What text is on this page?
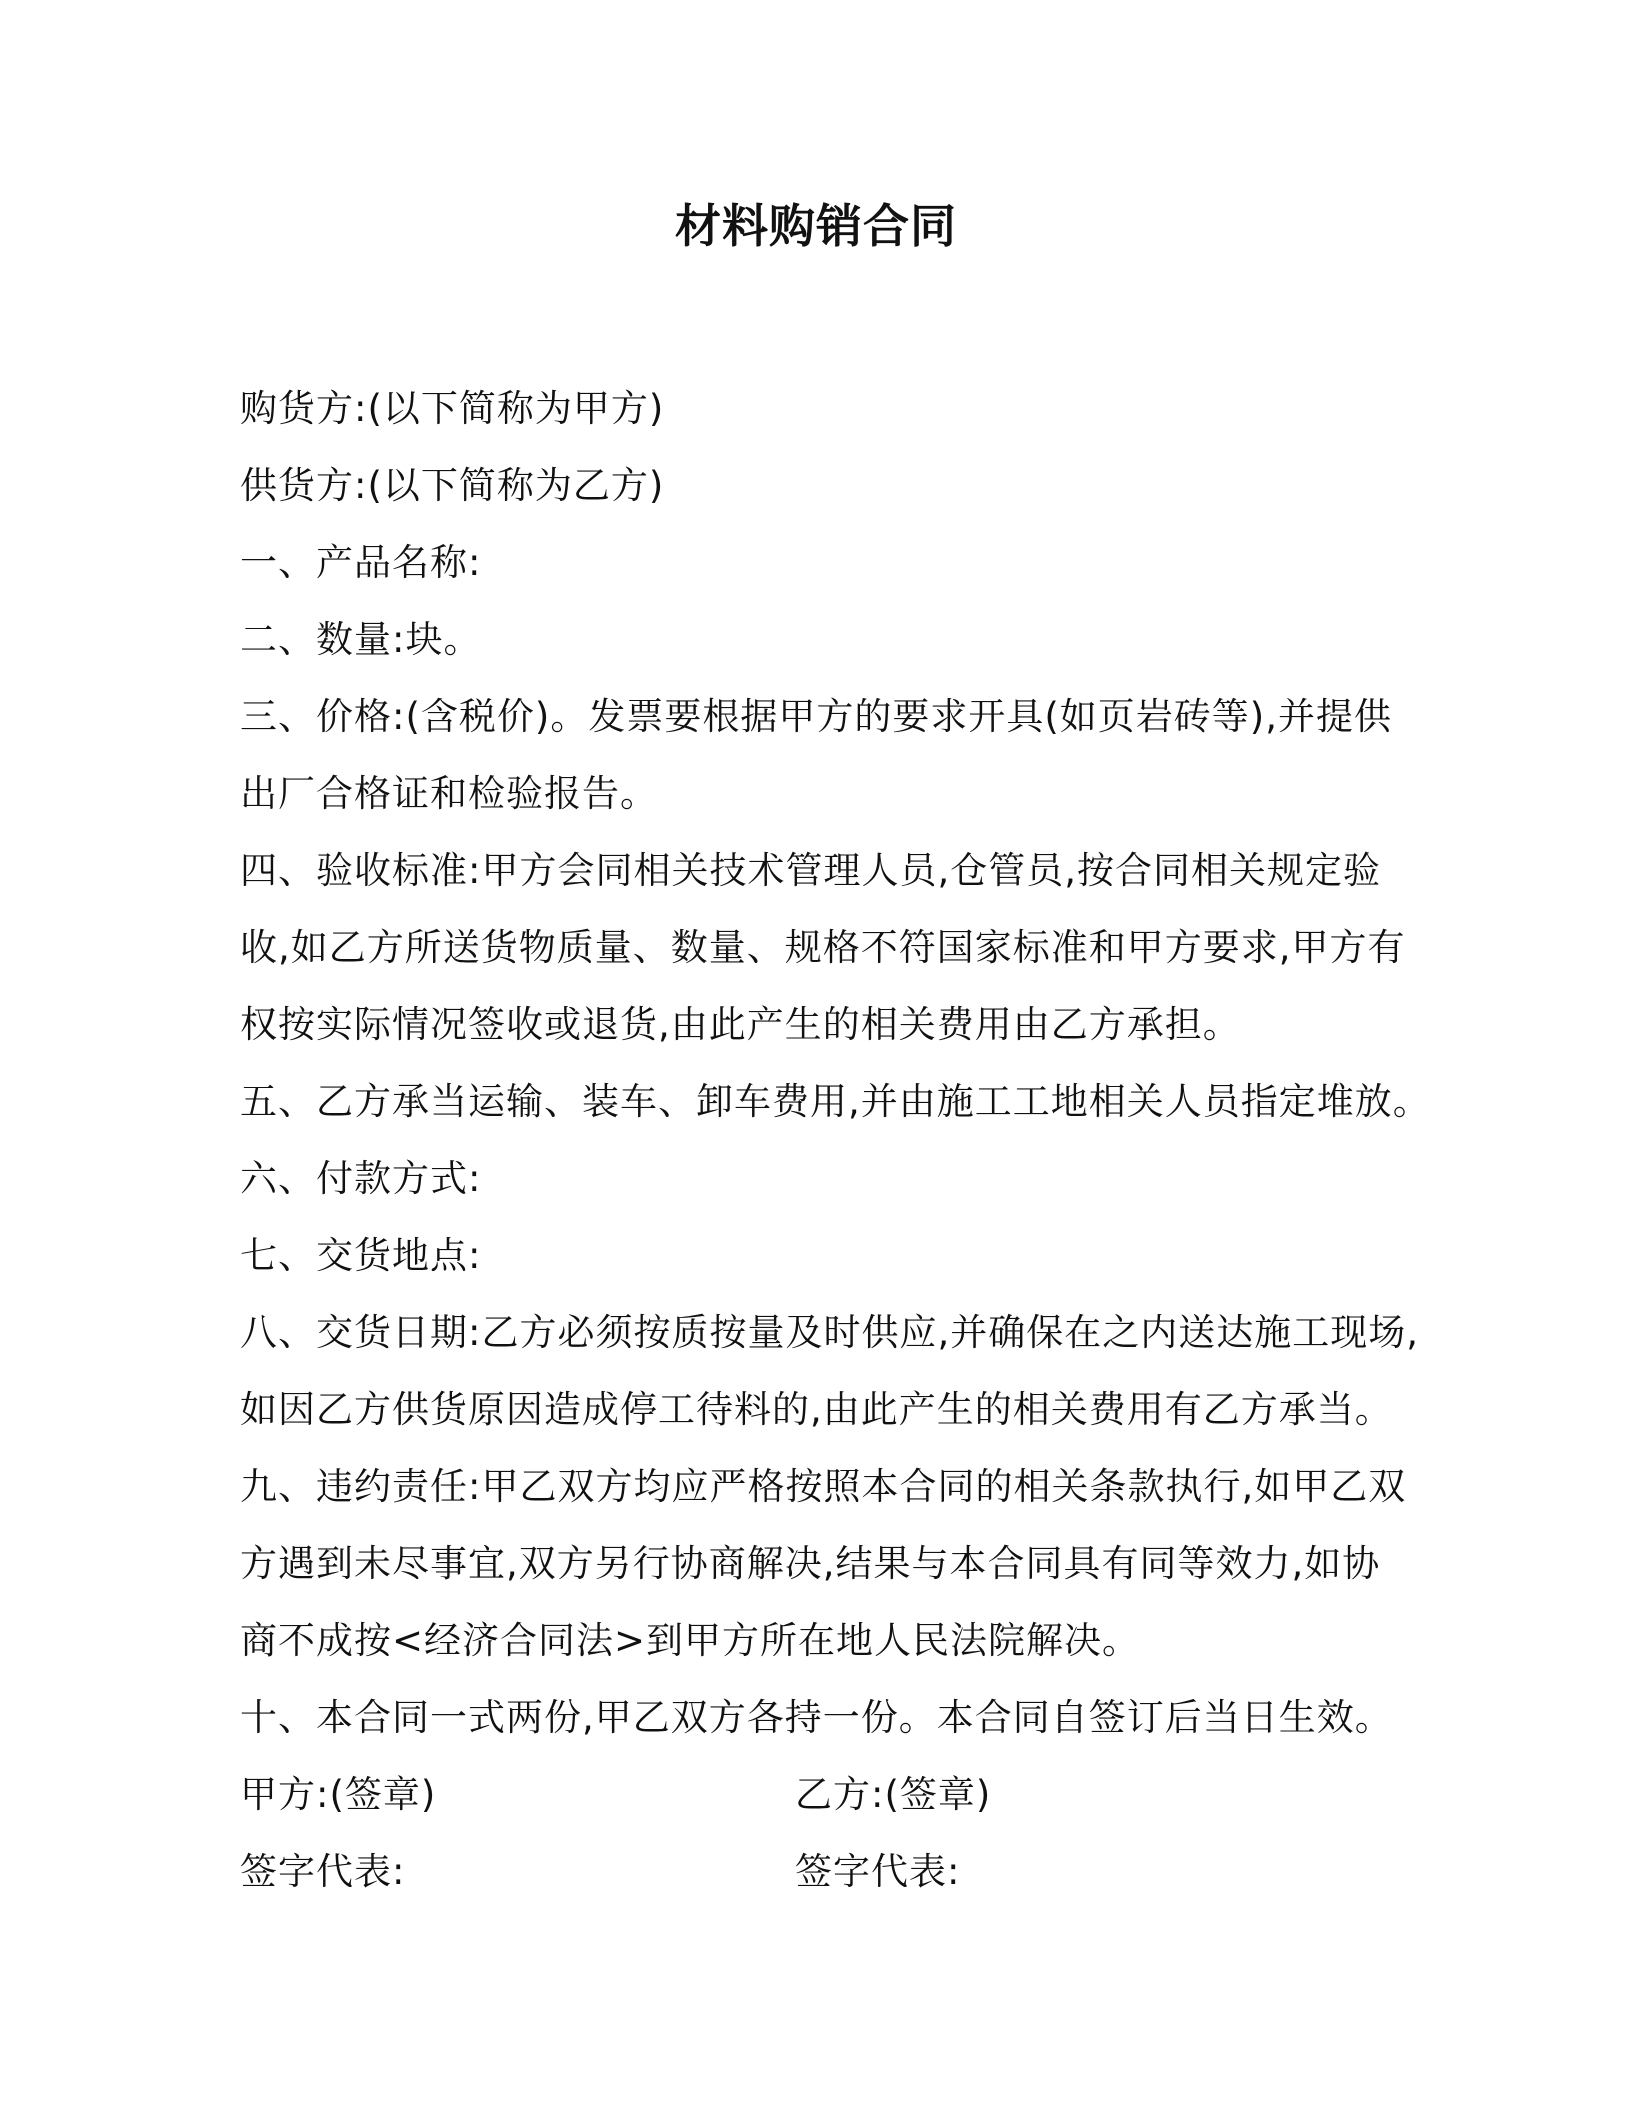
材料购销合同
购货方:(以下简称为甲方)
供货方:(以下简称为乙方)
一、产品名称:
二、数量:块。
三、价格:(含税价)。发票要根据甲方的要求开具(如页岩砖等),并提供
出厂合格证和检验报告。
四、验收标准:甲方会同相关技术管理人员,仓管员,按合同相关规定验
收,如乙方所送货物质量、数量、规格不符国家标准和甲方要求,甲方有
权按实际情况签收或退货,由此产生的相关费用由乙方承担。
五、乙方承当运输、装车、卸车费用,并由施工工地相关人员指定堆放。
六、付款方式:
七、交货地点:
八、交货日期:乙方必须按质按量及时供应,并确保在之内送达施工现场,
如因乙方供货原因造成停工待料的,由此产生的相关费用有乙方承当。
九、违约责任:甲乙双方均应严格按照本合同的相关条款执行,如甲乙双
方遇到未尽事宜,双方另行协商解决,结果与本合同具有同等效力,如协
商不成按<经济合同法>到甲方所在地人民法院解决。
十、本合同一式两份,甲乙双方各持一份。本合同自签订后当日生效。
甲方:(签章)	乙方:(签章)
签字代表:	签字代表:
